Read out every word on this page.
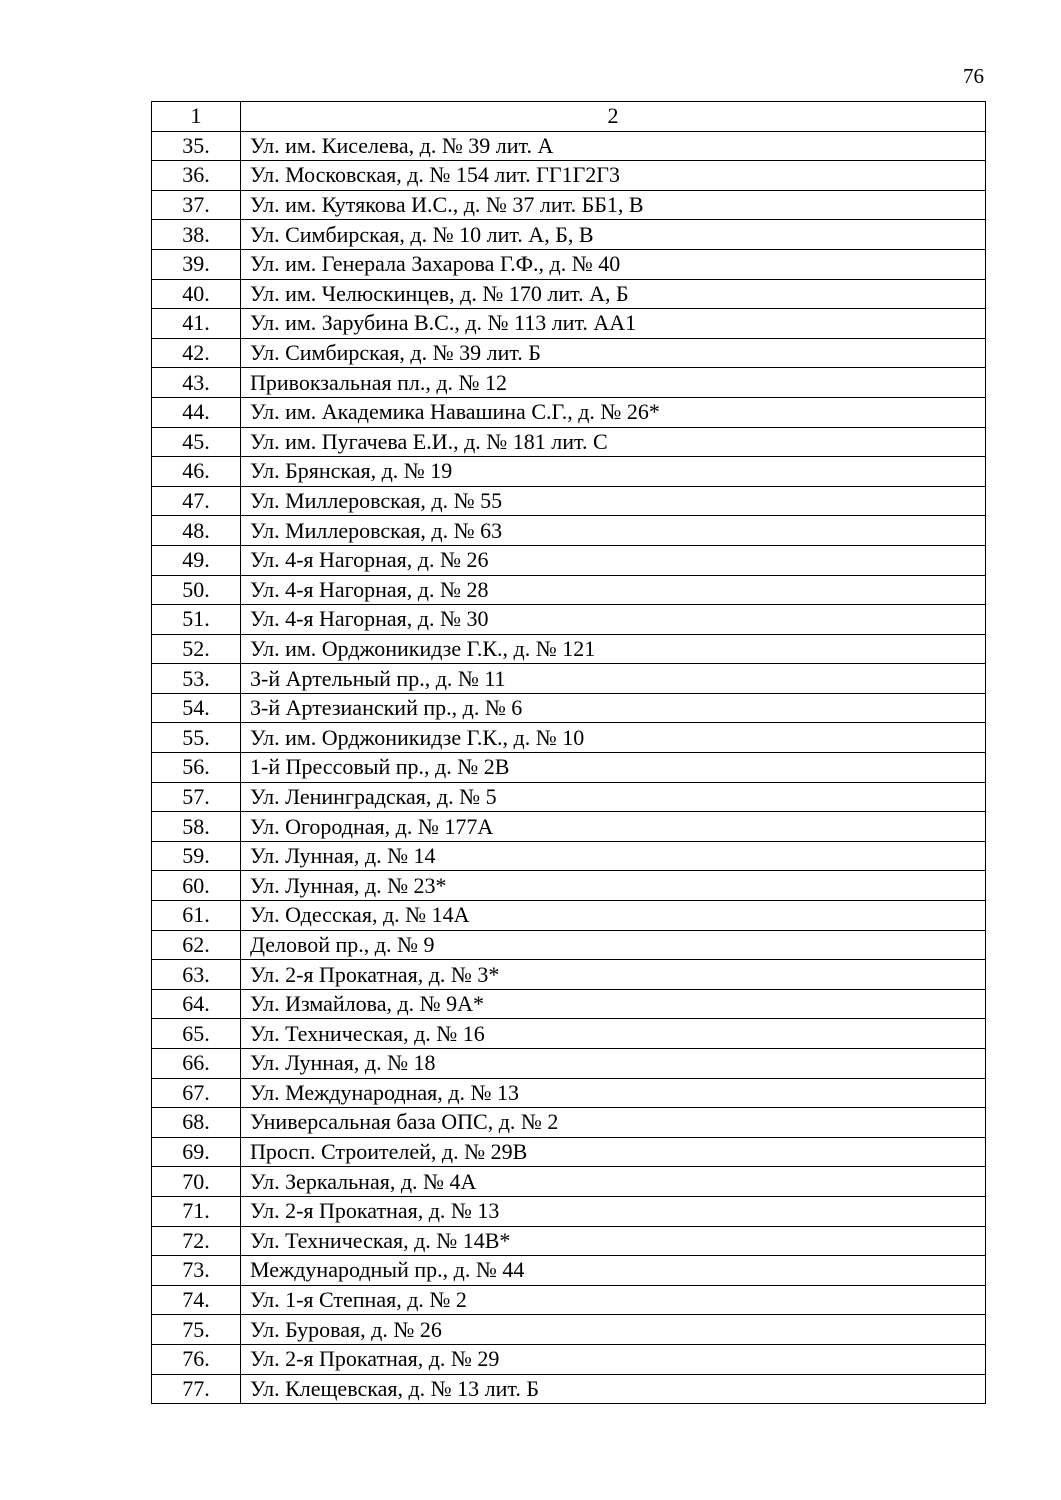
76
1	2
35.	Ул. им. Киселева, д. № 39 лит. А
36.	Ул. Московская, д. № 154 лит. ГГ1Г2Г3
37.	Ул. им. Кутякова И.С., д. № 37 лит. ББ1, В
38.	Ул. Симбирская, д. № 10 лит. А, Б, В
39.	Ул. им. Генерала Захарова Г.Ф., д. № 40
40.	Ул. им. Челюскинцев, д. № 170 лит. А, Б
41.	Ул. им. Зарубина В.С., д. № 113 лит. АА1
42.	Ул. Симбирская, д. № 39 лит. Б
43.	Привокзальная пл., д. № 12
44.	Ул. им. Академика Навашина С.Г., д. № 26*
45.	Ул. им. Пугачева Е.И., д. № 181 лит. С
46.	Ул. Брянская, д. № 19
47.	Ул. Миллеровская, д. № 55
48.	Ул. Миллеровская, д. № 63
49.	Ул. 4-я Нагорная, д. № 26
50.	Ул. 4-я Нагорная, д. № 28
51.	Ул. 4-я Нагорная, д. № 30
52.	Ул. им. Орджоникидзе Г.К., д. № 121
53.	3-й Артельный пр., д. № 11
54.	3-й Артезианский пр., д. № 6
55.	Ул. им. Орджоникидзе Г.К., д. № 10
56.	1-й Прессовый пр., д. № 2В
57.	Ул. Ленинградская, д. № 5
58.	Ул. Огородная, д. № 177А
59.	Ул. Лунная, д. № 14
60.	Ул. Лунная, д. № 23*
61.	Ул. Одесская, д. № 14А
62.	Деловой пр., д. № 9
63.	Ул. 2-я Прокатная, д. № 3*
64.	Ул. Измайлова, д. № 9А*
65.	Ул. Техническая, д. № 16
66.	Ул. Лунная, д. № 18
67.	Ул. Международная, д. № 13
68.	Универсальная база ОПС, д. № 2
69.	Просп. Строителей, д. № 29В
70.	Ул. Зеркальная, д. № 4А
71.	Ул. 2-я Прокатная, д. № 13
72.	Ул. Техническая, д. № 14В*
73.	Международный пр., д. № 44
74.	Ул. 1-я Степная, д. № 2
75.	Ул. Буровая, д. № 26
76.	Ул. 2-я Прокатная, д. № 29
77.	Ул. Клещевская, д. № 13 лит. Б
